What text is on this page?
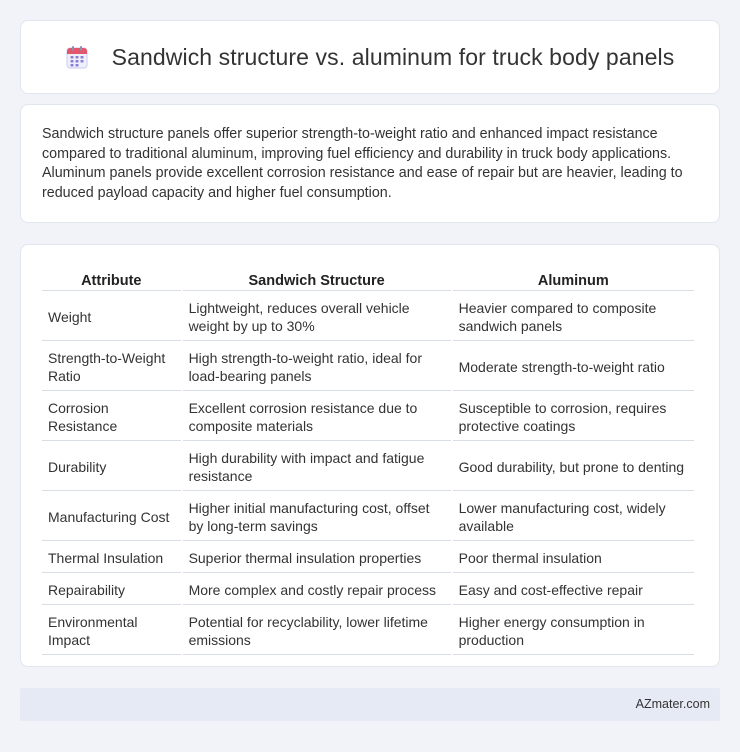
Sandwich structure vs. aluminum for truck body panels

Sandwich structure panels offer superior strength-to-weight ratio and enhanced impact resistance compared to traditional aluminum, improving fuel efficiency and durability in truck body applications. Aluminum panels provide excellent corrosion resistance and ease of repair but are heavier, leading to reduced payload capacity and higher fuel consumption.

Attribute	Sandwich Structure	Aluminum
Weight	Lightweight, reduces overall vehicle weight by up to 30%	Heavier compared to composite sandwich panels
Strength-to-Weight Ratio	High strength-to-weight ratio, ideal for load-bearing panels	Moderate strength-to-weight ratio
Corrosion Resistance	Excellent corrosion resistance due to composite materials	Susceptible to corrosion, requires protective coatings
Durability	High durability with impact and fatigue resistance	Good durability, but prone to denting
Manufacturing Cost	Higher initial manufacturing cost, offset by long-term savings	Lower manufacturing cost, widely available
Thermal Insulation	Superior thermal insulation properties	Poor thermal insulation
Repairability	More complex and costly repair process	Easy and cost-effective repair
Environmental Impact	Potential for recyclability, lower lifetime emissions	Higher energy consumption in production
AZmater.com
